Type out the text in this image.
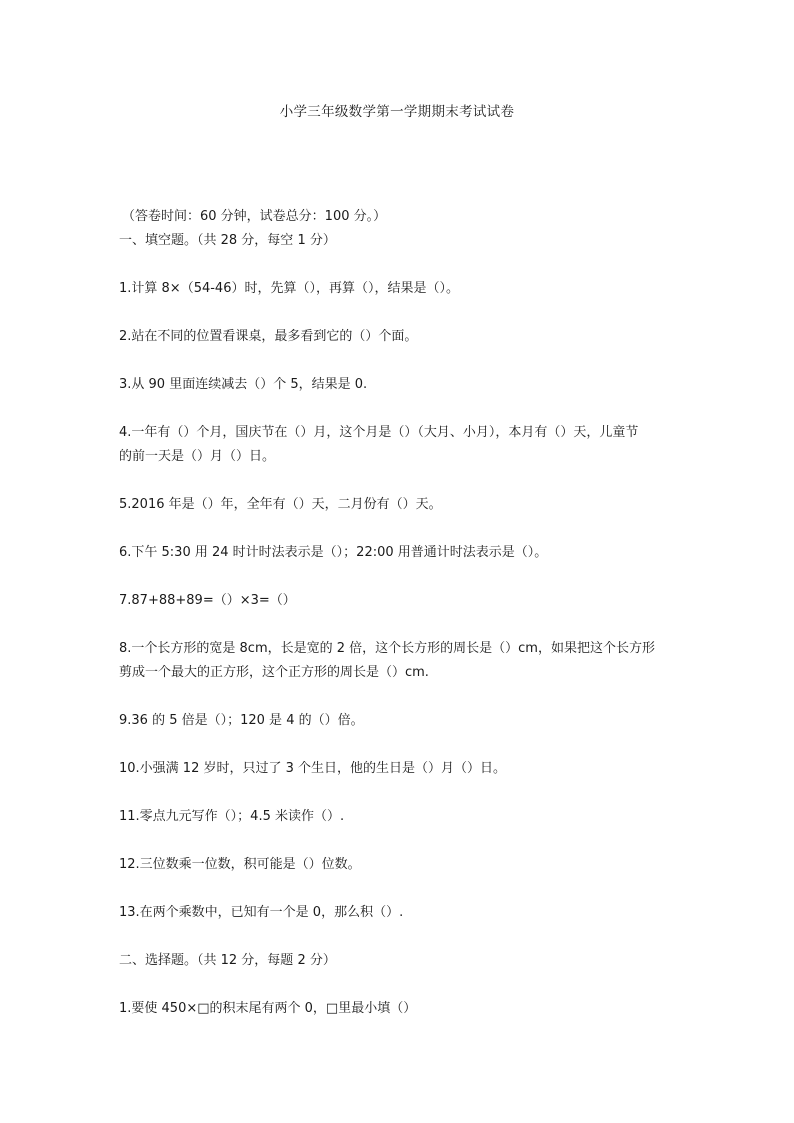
小学三年级数学第一学期期末考试试卷
（答卷时间：60 分钟，试卷总分：100 分。）
一、填空题。（共 28 分，每空 1 分）
1.计算 8×（54-46）时，先算（），再算（），结果是（）。
2.站在不同的位置看课桌，最多看到它的（）个面。
3.从 90 里面连续减去（）个 5，结果是 0.
4.一年有（）个月，国庆节在（）月，这个月是（）（大月、小月），本月有（）天，儿童节
的前一天是（）月（）日。
5.2016 年是（）年，全年有（）天，二月份有（）天。
6.下午 5:30 用 24 时计时法表示是（）；22:00 用普通计时法表示是（）。
7.87+88+89=（）×3=（）
8.一个长方形的宽是 8cm，长是宽的 2 倍，这个长方形的周长是（）cm，如果把这个长方形
剪成一个最大的正方形，这个正方形的周长是（）cm.
9.36 的 5 倍是（）；120 是 4 的（）倍。
10.小强满 12 岁时，只过了 3 个生日，他的生日是（）月（）日。
11.零点九元写作（）；4.5 米读作（）.
12.三位数乘一位数，积可能是（）位数。
13.在两个乘数中，已知有一个是 0，那么积（）.
二、选择题。（共 12 分，每题 2 分）
1.要使 450×□的积末尾有两个 0，□里最小填（）
